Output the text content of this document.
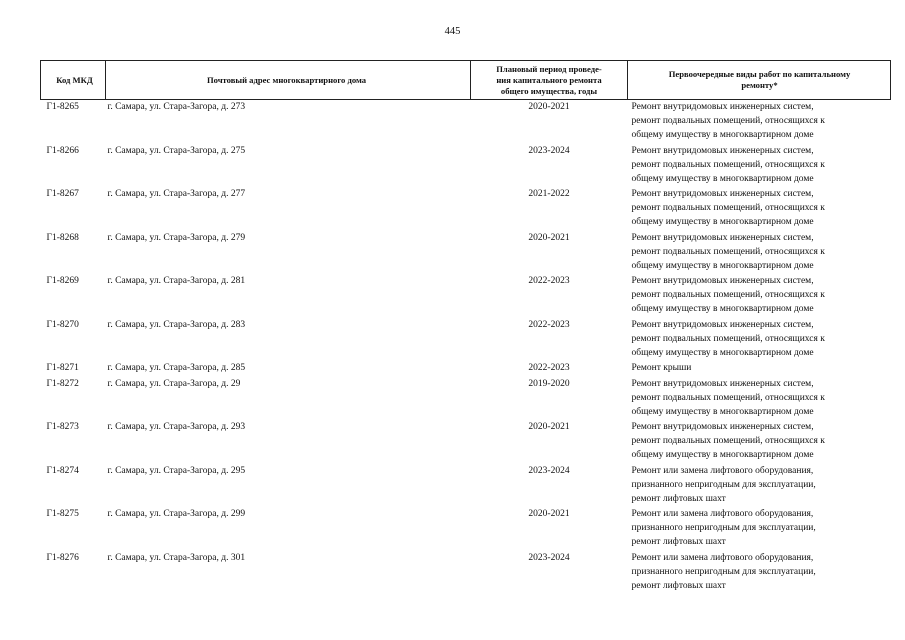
445
Код МКД	Почтовый адрес многоквартирного дома	Плановый период проведе-
ния капитального ремонта
общего имущества, годы	Первоочередные виды работ по капитальному
ремонту*

Г1-8265	г. Самара, ул. Стара-Загора, д. 273	2020-2021	Ремонт внутридомовых инженерных систем,
ремонт подвальных помещений, относящихся к
общему имуществу в многоквартирном доме

Г1-8266	г. Самара, ул. Стара-Загора, д. 275	2023-2024	Ремонт внутридомовых инженерных систем,
ремонт подвальных помещений, относящихся к
общему имуществу в многоквартирном доме

Г1-8267	г. Самара, ул. Стара-Загора, д. 277	2021-2022	Ремонт внутридомовых инженерных систем,
ремонт подвальных помещений, относящихся к
общему имуществу в многоквартирном доме

Г1-8268	г. Самара, ул. Стара-Загора, д. 279	2020-2021	Ремонт внутридомовых инженерных систем,
ремонт подвальных помещений, относящихся к
общему имуществу в многоквартирном доме

Г1-8269	г. Самара, ул. Стара-Загора, д. 281	2022-2023	Ремонт внутридомовых инженерных систем,
ремонт подвальных помещений, относящихся к
общему имуществу в многоквартирном доме

Г1-8270	г. Самара, ул. Стара-Загора, д. 283	2022-2023	Ремонт внутридомовых инженерных систем,
ремонт подвальных помещений, относящихся к
общему имуществу в многоквартирном доме

Г1-8271	г. Самара, ул. Стара-Загора, д. 285	2022-2023	Ремонт крыши

Г1-8272	г. Самара, ул. Стара-Загора, д. 29	2019-2020	Ремонт внутридомовых инженерных систем,
ремонт подвальных помещений, относящихся к
общему имуществу в многоквартирном доме

Г1-8273	г. Самара, ул. Стара-Загора, д. 293	2020-2021	Ремонт внутридомовых инженерных систем,
ремонт подвальных помещений, относящихся к
общему имуществу в многоквартирном доме

Г1-8274	г. Самара, ул. Стара-Загора, д. 295	2023-2024	Ремонт или замена лифтового оборудования,
признанного непригодным для эксплуатации,
ремонт лифтовых шахт

Г1-8275	г. Самара, ул. Стара-Загора, д. 299	2020-2021	Ремонт или замена лифтового оборудования,
признанного непригодным для эксплуатации,
ремонт лифтовых шахт

Г1-8276	г. Самара, ул. Стара-Загора, д. 301	2023-2024	Ремонт или замена лифтового оборудования,
признанного непригодным для эксплуатации,
ремонт лифтовых шахт
